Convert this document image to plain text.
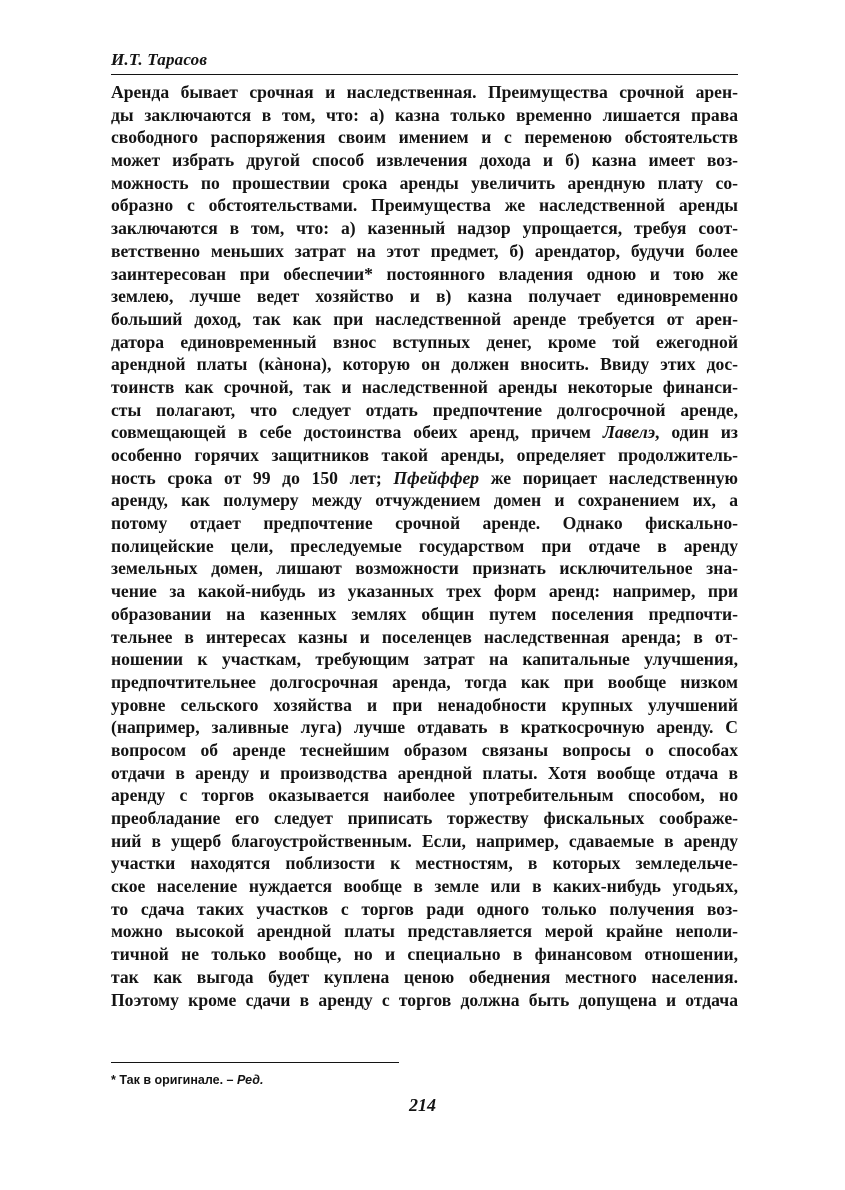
И.Т. Тарасов
Аренда бывает срочная и наследственная. Преимущества срочной арен-
ды заключаются в том, что: а) казна только временно лишается права
свободного распоряжения своим имением и с переменою обстоятельств
может избрать другой способ извлечения дохода и б) казна имеет воз-
можность по прошествии срока аренды увеличить арендную плату со-
образно с обстоятельствами. Преимущества же наследственной аренды
заключаются в том, что: а) казенный надзор упрощается, требуя соот-
ветственно меньших затрат на этот предмет, б) арендатор, будучи более
заинтересован при обеспечии* постоянного владения одною и тою же
землею, лучше ведет хозяйство и в) казна получает единовременно
больший доход, так как при наследственной аренде требуется от арен-
датора единовременный взнос вступных денег, кроме той ежегодной
арендной платы (кàнона), которую он должен вносить. Ввиду этих дос-
тоинств как срочной, так и наследственной аренды некоторые финанси-
сты полагают, что следует отдать предпочтение долгосрочной аренде,
совмещающей в себе достоинства обеих аренд, причем Лавелэ, один из
особенно горячих защитников такой аренды, определяет продолжитель-
ность срока от 99 до 150 лет; Пфейффер же порицает наследственную
аренду, как полумеру между отчуждением домен и сохранением их, а
потому отдает предпочтение срочной аренде. Однако фискально-
полицейские цели, преследуемые государством при отдаче в аренду
земельных домен, лишают возможности признать исключительное зна-
чение за какой-нибудь из указанных трех форм аренд: например, при
образовании на казенных землях общин путем поселения предпочти-
тельнее в интересах казны и поселенцев наследственная аренда; в от-
ношении к участкам, требующим затрат на капитальные улучшения,
предпочтительнее долгосрочная аренда, тогда как при вообще низком
уровне сельского хозяйства и при ненадобности крупных улучшений
(например, заливные луга) лучше отдавать в краткосрочную аренду. С
вопросом об аренде теснейшим образом связаны вопросы о способах
отдачи в аренду и производства арендной платы. Хотя вообще отдача в
аренду с торгов оказывается наиболее употребительным способом, но
преобладание его следует приписать торжеству фискальных соображе-
ний в ущерб благоустройственным. Если, например, сдаваемые в аренду
участки находятся поблизости к местностям, в которых земледельче-
ское население нуждается вообще в земле или в каких-нибудь угодьях,
то сдача таких участков с торгов ради одного только получения воз-
можно высокой арендной платы представляется мерой крайне неполи-
тичной не только вообще, но и специально в финансовом отношении,
так как выгода будет куплена ценою обеднения местного населения.
Поэтому кроме сдачи в аренду с торгов должна быть допущена и отдача
* Так в оригинале. – Ред.
214
